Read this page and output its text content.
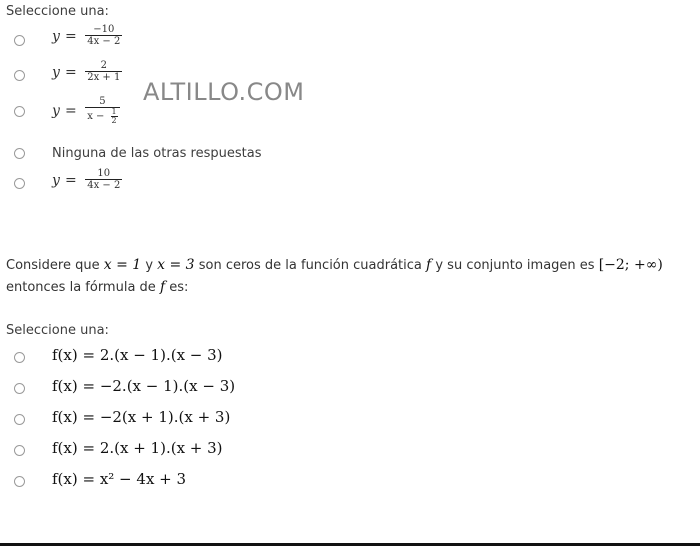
Seleccione una:
$y = \frac{-10}{4x - 2}$
$y = \frac{2}{2x + 1}$
ALTILLO.COM
$y = \frac{5}{x - \frac{1}{2}}$
Ninguna de las otras respuestas
$y = \frac{10}{4x - 2}$
Considere que x = 1 y x = 3 son ceros de la función cuadrática f y su conjunto imagen es [−2; +∞)
entonces la fórmula de f es:
Seleccione una:
f(x) = 2.(x − 1).(x − 3)
f(x) = −2.(x − 1).(x − 3)
f(x) = −2(x + 1).(x + 3)
f(x) = 2.(x + 1).(x + 3)
f(x) = x² − 4x + 3
